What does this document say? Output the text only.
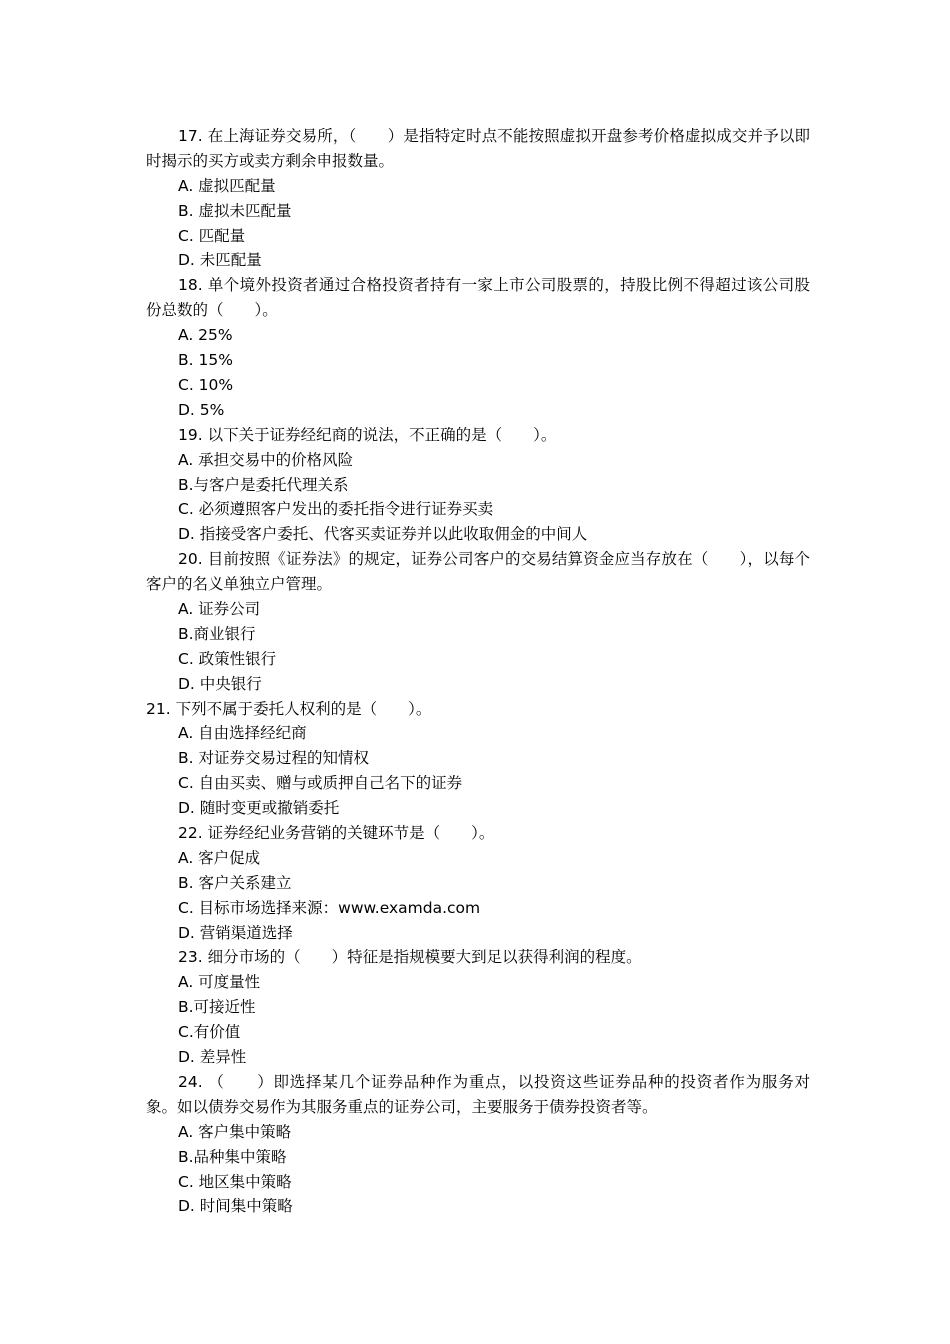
17. 在上海证券交易所，（　　）是指特定时点不能按照虚拟开盘参考价格虚拟成交并予以即时揭示的买方或卖方剩余申报数量。
A. 虚拟匹配量
B. 虚拟未匹配量
C. 匹配量
D. 未匹配量
18. 单个境外投资者通过合格投资者持有一家上市公司股票的，持股比例不得超过该公司股份总数的（　　）。
A. 25%
B. 15%
C. 10%
D. 5%
19. 以下关于证券经纪商的说法，不正确的是（　　）。
A. 承担交易中的价格风险
B.与客户是委托代理关系
C. 必须遵照客户发出的委托指令进行证券买卖
D. 指接受客户委托、代客买卖证券并以此收取佣金的中间人
20. 目前按照《证券法》的规定，证券公司客户的交易结算资金应当存放在（　　），以每个客户的名义单独立户管理。
A. 证券公司
B.商业银行
C. 政策性银行
D. 中央银行
21. 下列不属于委托人权利的是（　　）。
A. 自由选择经纪商
B. 对证券交易过程的知情权
C. 自由买卖、赠与或质押自己名下的证券
D. 随时变更或撤销委托
22. 证券经纪业务营销的关键环节是（　　）。
A. 客户促成
B. 客户关系建立
C. 目标市场选择来源：www.examda.com
D. 营销渠道选择
23. 细分市场的（　　）特征是指规模要大到足以获得利润的程度。
A. 可度量性
B.可接近性
C.有价值
D. 差异性
24. （　　）即选择某几个证券品种作为重点，以投资这些证券品种的投资者作为服务对象。如以债券交易作为其服务重点的证券公司，主要服务于债券投资者等。
A. 客户集中策略
B.品种集中策略
C. 地区集中策略
D. 时间集中策略
